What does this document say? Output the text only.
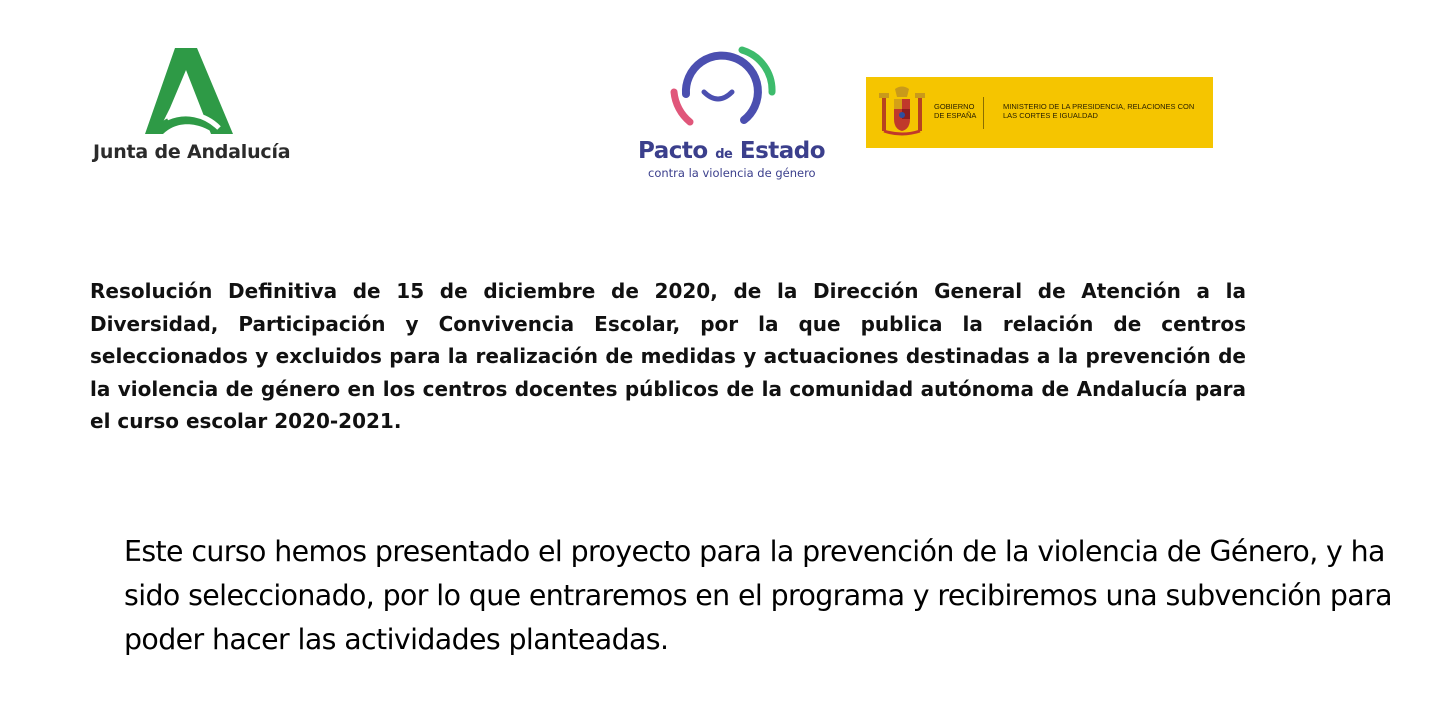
Junta de Andalucía	Pacto de Estado
contra la violencia de género
GOBIERNO DE ESPAÑA
MINISTERIO DE LA PRESIDENCIA, RELACIONES CON LAS CORTES E IGUALDAD
Resolución Definitiva de 15 de diciembre de 2020, de la Dirección General de Atención a la Diversidad, Participación y Convivencia Escolar, por la que publica la relación de centros seleccionados y excluidos para la realización de medidas y actuaciones destinadas a la prevención de la violencia de género en los centros docentes públicos de la comunidad autónoma de Andalucía para el curso escolar 2020-2021.
Este curso hemos presentado el proyecto para la prevención de la violencia de Género, y ha sido seleccionado, por lo que entraremos en el programa y recibiremos una subvención para poder hacer las actividades planteadas.
